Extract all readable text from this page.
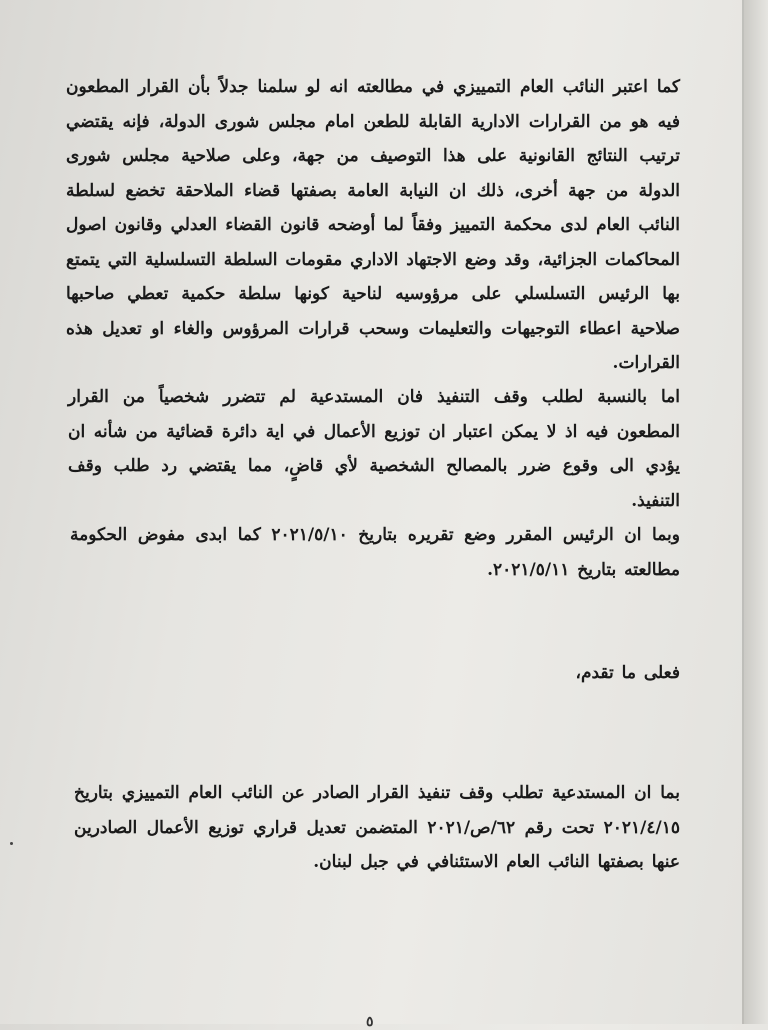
كما اعتبر النائب العام التمييزي في مطالعته انه لو سلمنا جدلاً بأن القرار المطعون فيه هو من القرارات الادارية القابلة للطعن امام مجلس شورى الدولة، فإنه يقتضي ترتيب النتائج القانونية على هذا التوصيف من جهة، وعلى صلاحية مجلس شورى الدولة من جهة أخرى، ذلك ان النيابة العامة بصفتها قضاء الملاحقة تخضع لسلطة النائب العام لدى محكمة التمييز وفقاً لما أوضحه قانون القضاء العدلي وقانون اصول المحاكمات الجزائية، وقد وضع الاجتهاد الاداري مقومات السلطة التسلسلية التي يتمتع بها الرئيس التسلسلي على مرؤوسيه لناحية كونها سلطة حكمية تعطي صاحبها صلاحية اعطاء التوجيهات والتعليمات وسحب قرارات المرؤوس والغاء او تعديل هذه القرارات.

اما بالنسبة لطلب وقف التنفيذ فان المستدعية لم تتضرر شخصياً من القرار المطعون فيه اذ لا يمكن اعتبار ان توزيع الأعمال في اية دائرة قضائية من شأنه ان يؤدي الى وقوع ضرر بالمصالح الشخصية لأي قاضٍ، مما يقتضي رد طلب وقف التنفيذ.

وبما ان الرئيس المقرر وضع تقريره بتاريخ ٢٠٢١/٥/١٠ كما ابدى مفوض الحكومة مطالعته بتاريخ ٢٠٢١/٥/١١.

فعلى ما تقدم،

بما ان المستدعية تطلب وقف تنفيذ القرار الصادر عن النائب العام التمييزي بتاريخ ٢٠٢١/٤/١٥ تحت رقم ٦٢/ص/٢٠٢١ المتضمن تعديل قراري توزيع الأعمال الصادرين عنها بصفتها النائب العام الاستئنافي في جبل لبنان.

٥
